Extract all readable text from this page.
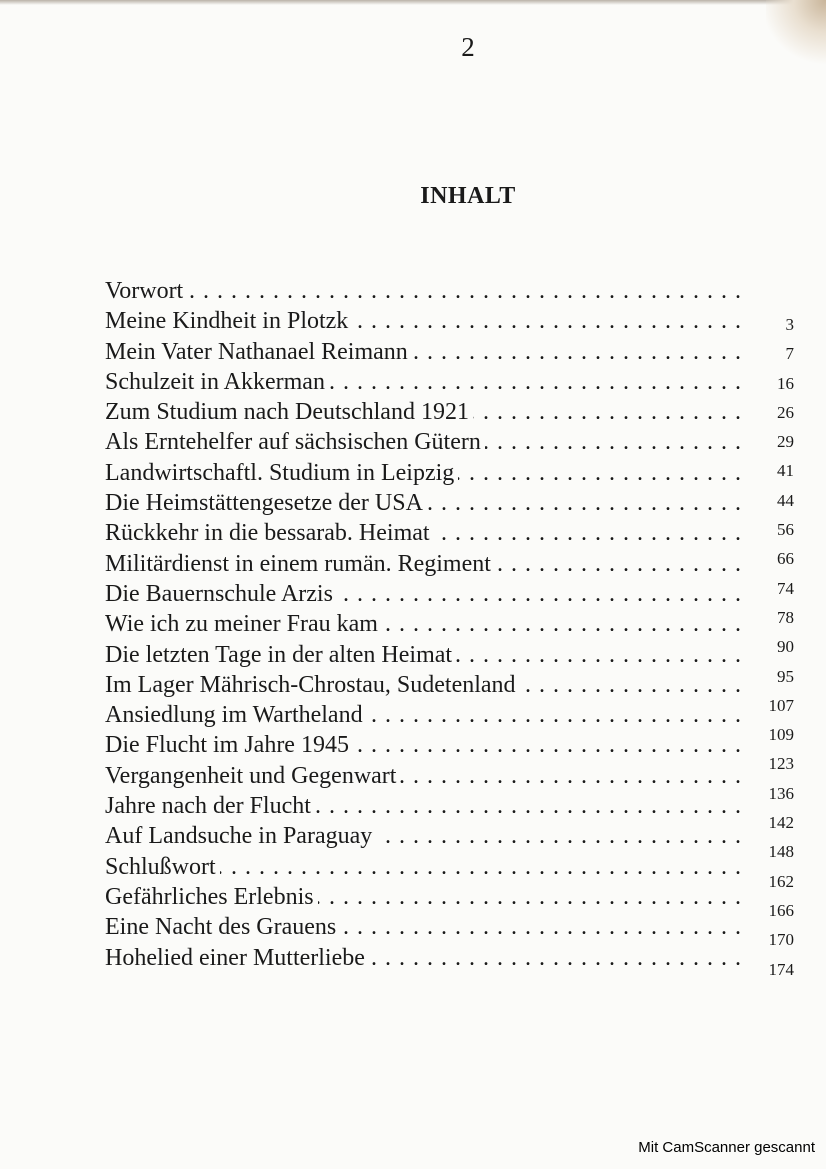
2
INHALT
Vorwort . . .
Meine Kindheit in Plotzk . . .
Mein Vater Nathanael Reimann . . .
Schulzeit in Akkerman . . .
Zum Studium nach Deutschland 1921 . . .
Als Erntehelfer auf sächsischen Gütern . . .
Landwirtschaftl. Studium in Leipzig . . .
Die Heimstättengesetze der USA . . .
Rückkehr in die bessarab. Heimat . . .
Militärdienst in einem rumän. Regiment . . .
Die Bauernschule Arzis . . .
Wie ich zu meiner Frau kam . . .
Die letzten Tage in der alten Heimat . . .
Im Lager Mährisch-Chrostau, Sudetenland . . .
Ansiedlung im Wartheland . . .
Die Flucht im Jahre 1945 . . .
Vergangenheit und Gegenwart . . .
Jahre nach der Flucht . . .
Auf Landsuche in Paraguay . . .
Schlußwort . . .
Gefährliches Erlebnis . . .
Eine Nacht des Grauens . . .
Hohelied einer Mutterliebe . . .
3
7
16
26
29
41
44
56
66
74
78
90
95
107
109
123
136
142
148
162
166
170
174
Mit CamScanner gescannt
